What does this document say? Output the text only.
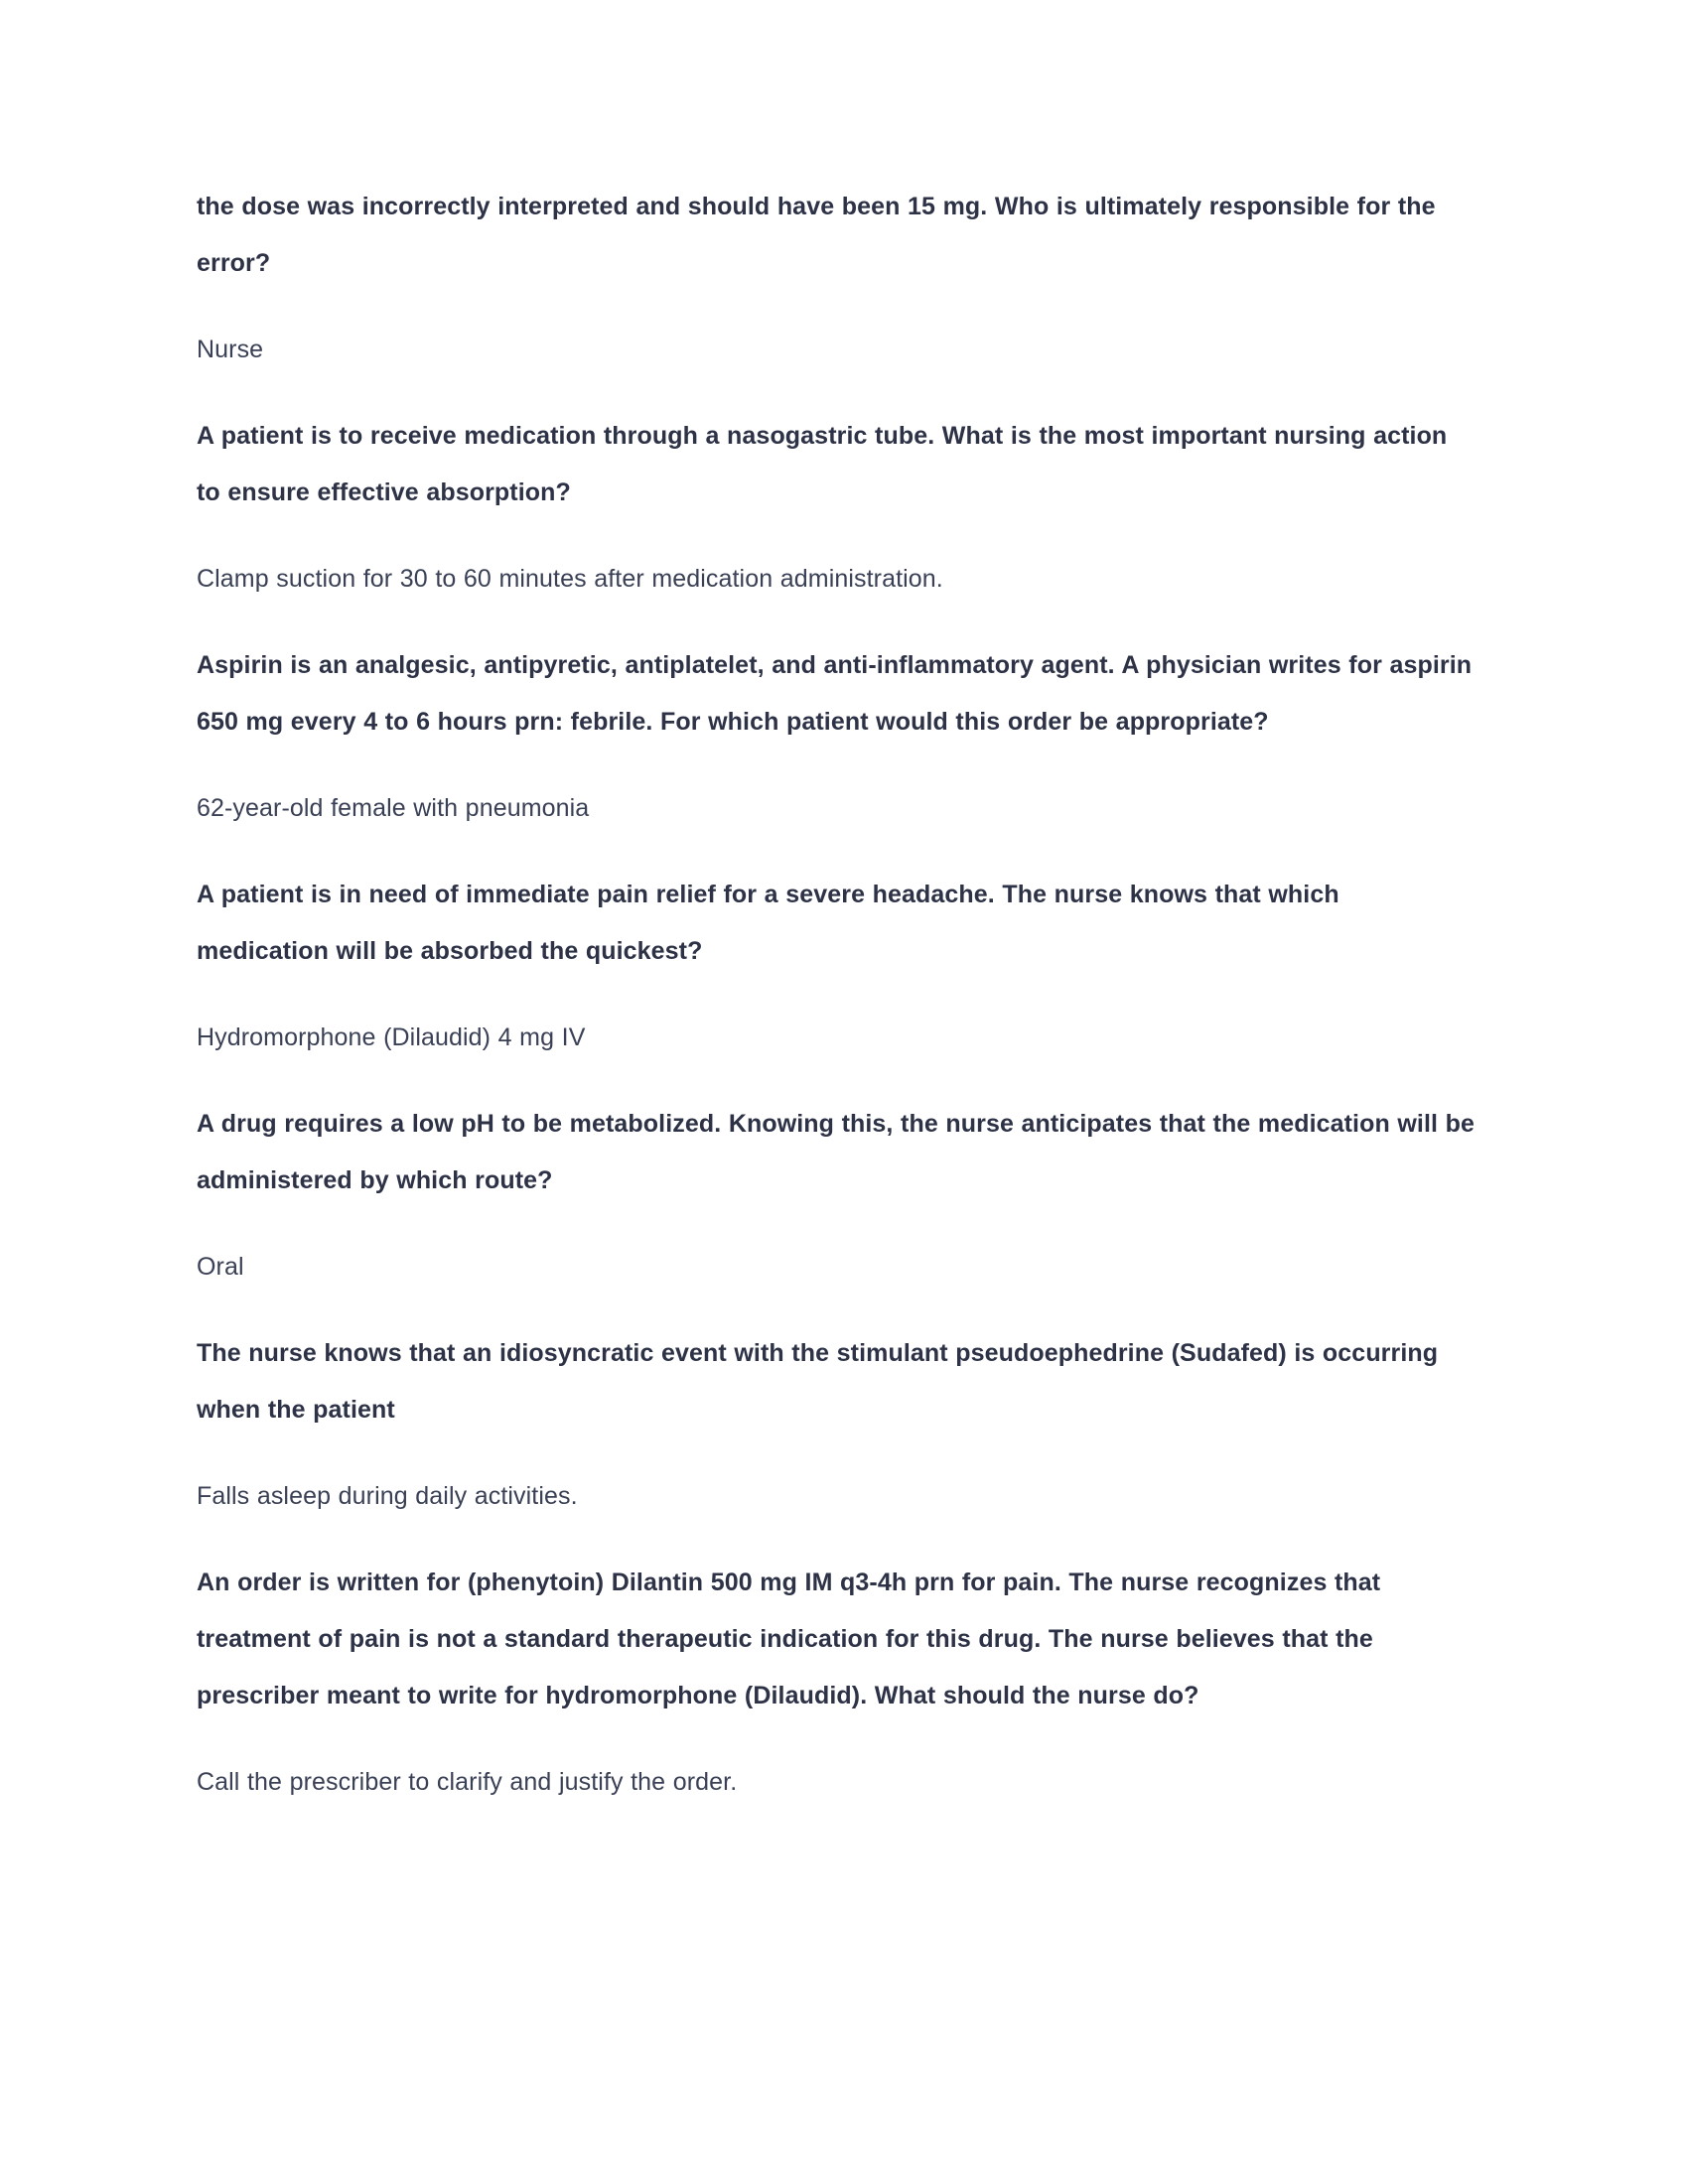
the dose was incorrectly interpreted and should have been 15 mg. Who is ultimately responsible for the error?

Nurse

A patient is to receive medication through a nasogastric tube. What is the most important nursing action to ensure effective absorption?

Clamp suction for 30 to 60 minutes after medication administration.

Aspirin is an analgesic, antipyretic, antiplatelet, and anti-inflammatory agent. A physician writes for aspirin 650 mg every 4 to 6 hours prn: febrile. For which patient would this order be appropriate?

62-year-old female with pneumonia

A patient is in need of immediate pain relief for a severe headache. The nurse knows that which medication will be absorbed the quickest?

Hydromorphone (Dilaudid) 4 mg IV

A drug requires a low pH to be metabolized. Knowing this, the nurse anticipates that the medication will be administered by which route?

Oral

The nurse knows that an idiosyncratic event with the stimulant pseudoephedrine (Sudafed) is occurring when the patient

Falls asleep during daily activities.

An order is written for (phenytoin) Dilantin 500 mg IM q3-4h prn for pain. The nurse recognizes that treatment of pain is not a standard therapeutic indication for this drug. The nurse believes that the prescriber meant to write for hydromorphone (Dilaudid). What should the nurse do?

Call the prescriber to clarify and justify the order.
